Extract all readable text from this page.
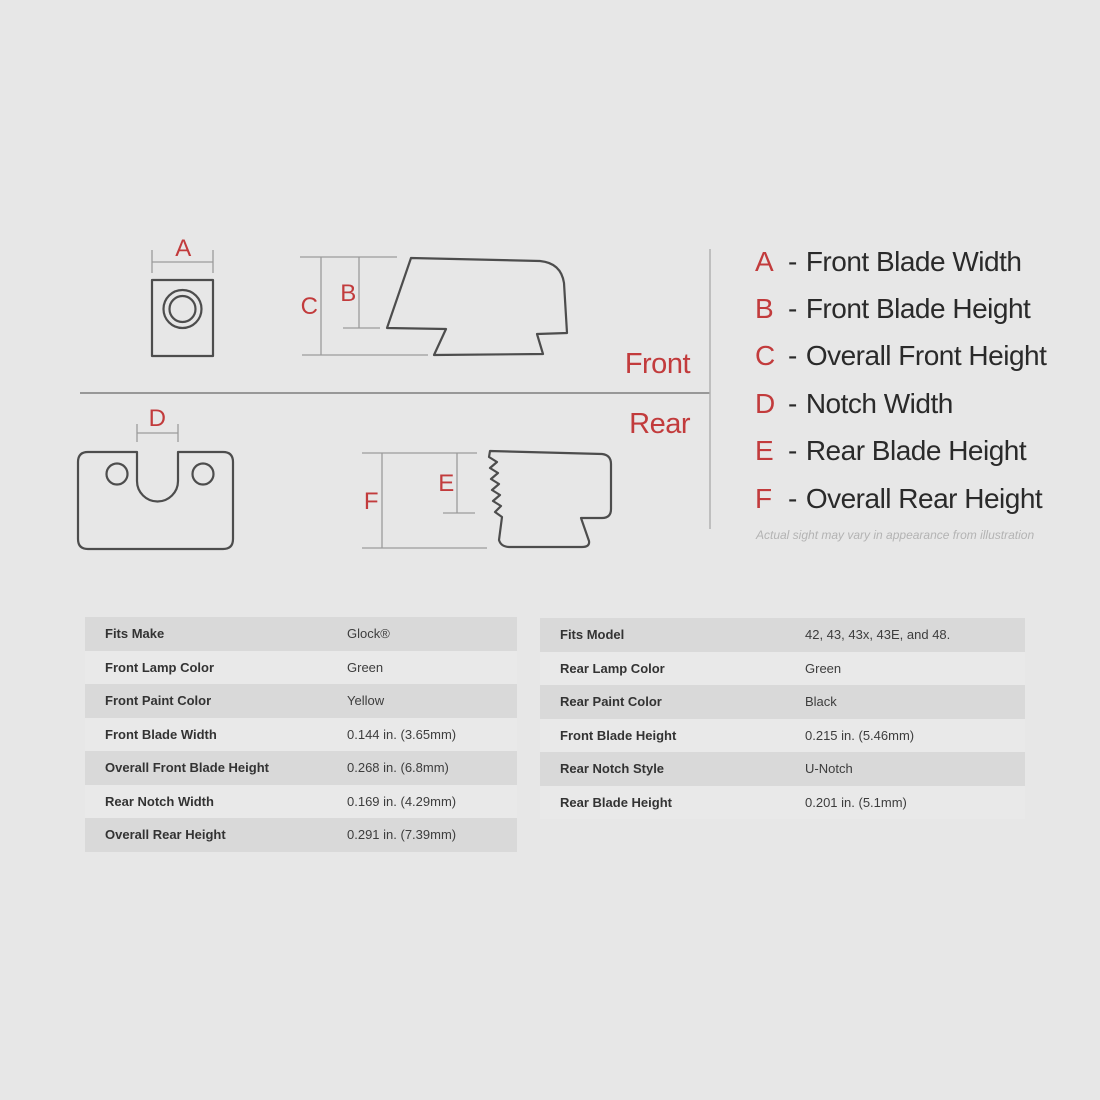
A
C B
D
F
E
Front
Rear
A - Front Blade Width
B - Front Blade Height
C - Overall Front Height
D - Notch Width
E - Rear Blade Height
F - Overall Rear Height
Actual sight may vary in appearance from illustration
Fits Make	Glock®
Front Lamp Color	Green
Front Paint Color	Yellow
Front Blade Width	0.144 in. (3.65mm)
Overall Front Blade Height	0.268 in. (6.8mm)
Rear Notch Width	0.169 in. (4.29mm)
Overall Rear Height	0.291 in. (7.39mm)
Fits Model	42, 43, 43x, 43E, and 48.
Rear Lamp Color	Green
Rear Paint Color	Black
Front Blade Height	0.215 in. (5.46mm)
Rear Notch Style	U-Notch
Rear Blade Height	0.201 in. (5.1mm)
